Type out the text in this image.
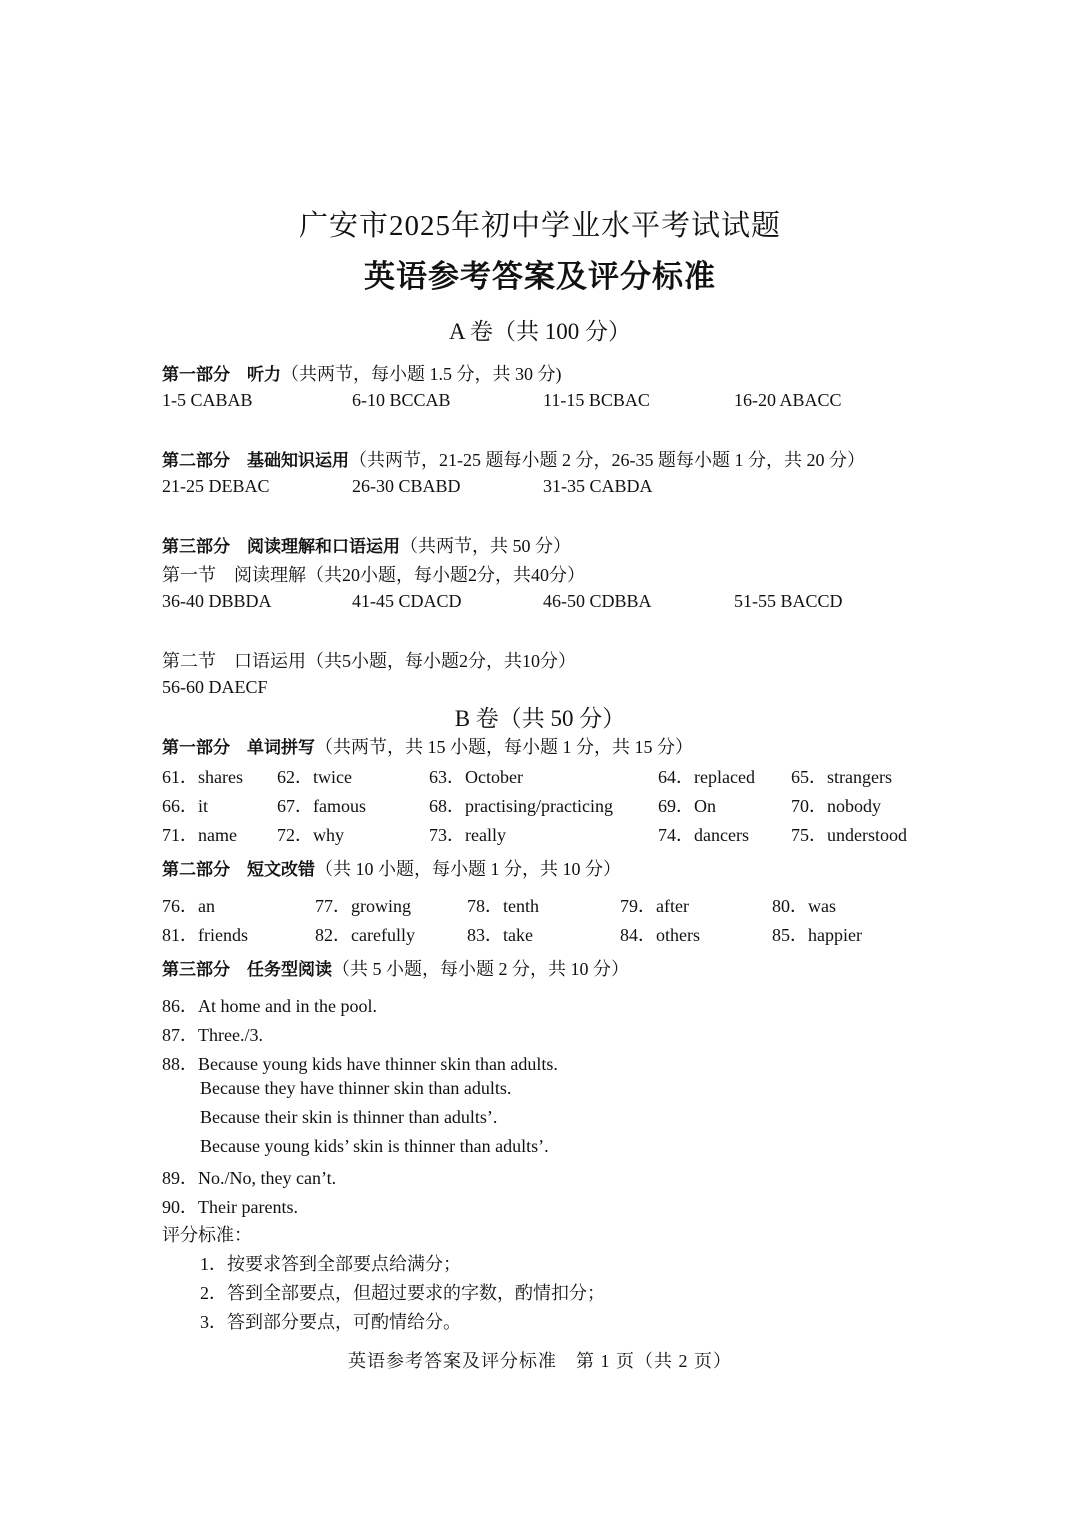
广安市2025年初中学业水平考试试题
英语参考答案及评分标准
A 卷（共 100 分）
第一部分　听力（共两节，每小题 1.5 分，共 30 分)
1-5 CABAB	6-10 BCCAB	11-15 BCBAC	16-20 ABACC
第二部分　基础知识运用（共两节，21-25 题每小题 2 分，26-35 题每小题 1 分，共 20 分）
21-25 DEBAC	26-30 CBABD	31-35 CABDA
第三部分　阅读理解和口语运用（共两节，共 50 分）
第一节　阅读理解（共20小题，每小题2分，共40分）
36-40 DBBDA	41-45 CDACD	46-50 CDBBA	51-55 BACCD
第二节　口语运用（共5小题，每小题2分，共10分）
56-60 DAECF
B 卷（共 50 分）
第一部分　单词拼写（共两节，共 15 小题，每小题 1 分，共 15 分）
61．shares 62．twice	63．October	64．replaced 65．strangers
66．it	67．famous	68．practising/practicing	69．On	70．nobody
71．name 72．why	73．really	74．dancers 75．understood
第二部分　短文改错（共 10 小题，每小题 1 分，共 10 分）
76．an	77．growing	78．tenth	79．after	80．was
81．friends	82．carefully	83．take	84．others	85．happier
第三部分　任务型阅读（共 5 小题，每小题 2 分，共 10 分）
86．At home and in the pool.
87．Three./3.
88．Because young kids have thinner skin than adults.
Because they have thinner skin than adults.
Because their skin is thinner than adults’.
Because young kids’ skin is thinner than adults’.
89．No./No, they can’t.
90．Their parents.
评分标准：
1．按要求答到全部要点给满分；
2．答到全部要点，但超过要求的字数，酌情扣分；
3．答到部分要点，可酌情给分。
英语参考答案及评分标准　第 1 页（共 2 页）
